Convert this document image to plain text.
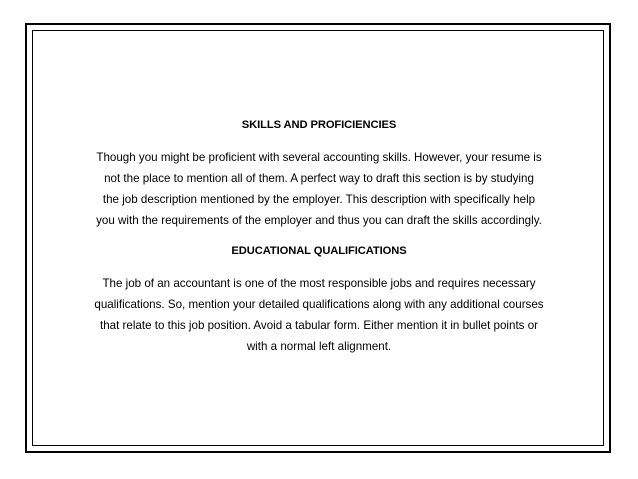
SKILLS AND PROFICIENCIES
Though you might be proficient with several accounting skills. However, your resume is
not the place to mention all of them. A perfect way to draft this section is by studying
the job description mentioned by the employer. This description with specifically help
you with the requirements of the employer and thus you can draft the skills accordingly.
EDUCATIONAL QUALIFICATIONS
The job of an accountant is one of the most responsible jobs and requires necessary
qualifications. So, mention your detailed qualifications along with any additional courses
that relate to this job position. Avoid a tabular form. Either mention it in bullet points or
with a normal left alignment.
